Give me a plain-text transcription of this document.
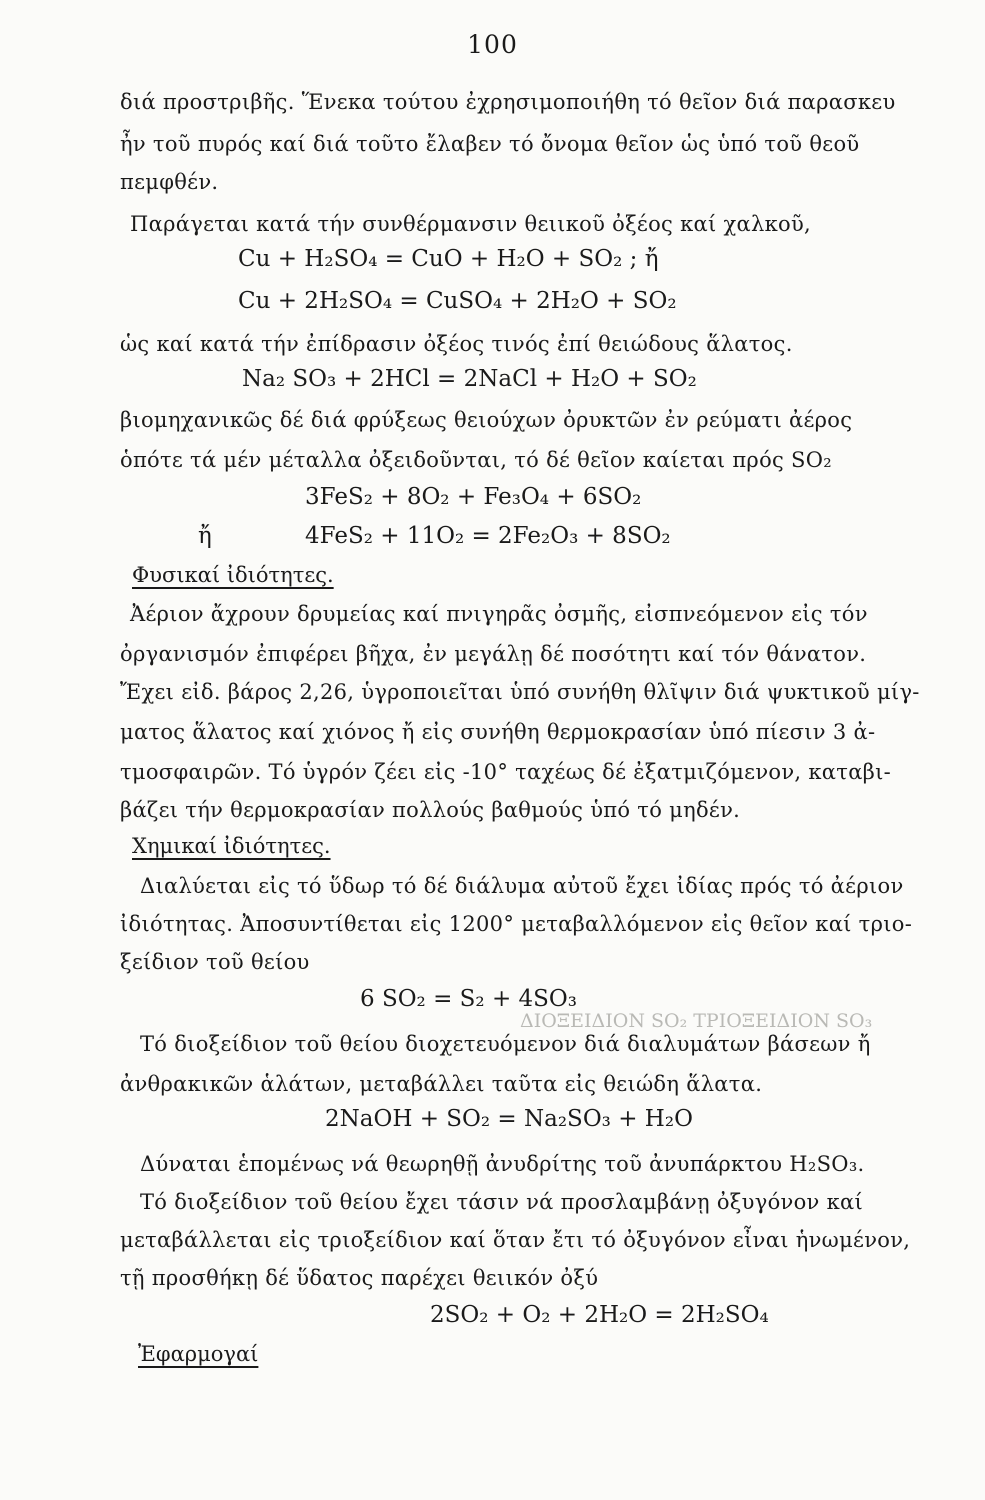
100
ΔΙΟΞΕΙΔΙΟΝ SO₂ ΤΡΙΟΞΕΙΔΙΟΝ SO₃
διά προστριβῆς. Ἕνεκα τούτου ἐχρησιμοποιήθη τό θεῖον διά παρασκευ
ἦν τοῦ πυρός καί διά τοῦτο ἔλαβεν τό ὄνομα θεῖον ὡς ὑπό τοῦ θεοῦ
πεμφθέν.
Παράγεται κατά τήν συνθέρμανσιν θειικοῦ ὀξέος καί χαλκοῦ,
Cu + H₂SO₄ = CuO + H₂O + SO₂ ; ἤ
Cu + 2H₂SO₄ = CuSO₄ + 2H₂O + SO₂
ὡς καί κατά τήν ἐπίδρασιν ὀξέος τινός ἐπί θειώδους ἅλατος.
Na₂ SO₃ + 2HCl = 2NaCl + H₂O + SO₂
βιομηχανικῶς δέ διά φρύξεως θειούχων ὀρυκτῶν ἐν ρεύματι ἀέρος
ὁπότε τά μέν μέταλλα ὀξειδοῦνται, τό δέ θεῖον καίεται πρός SO₂
3FeS₂ + 8O₂ + Fe₃O₄ + 6SO₂
ἤ	4FeS₂ + 11O₂ = 2Fe₂O₃ + 8SO₂
Φυσικαί ἰδιότητες.
Ἀέριον ἄχρουν δρυμείας καί πνιγηρᾶς ὀσμῆς, εἰσπνεόμενον εἰς τόν
ὀργανισμόν ἐπιφέρει βῆχα, ἐν μεγάλῃ δέ ποσότητι καί τόν θάνατον.
Ἔχει εἰδ. βάρος 2,26, ὑγροποιεῖται ὑπό συνήθη θλῖψιν διά ψυκτικοῦ μίγ-
ματος ἅλατος καί χιόνος ἤ εἰς συνήθη θερμοκρασίαν ὑπό πίεσιν 3 ἀ-
τμοσφαιρῶν. Τό ὑγρόν ζέει εἰς -10° ταχέως δέ ἐξατμιζόμενον, καταβι-
βάζει τήν θερμοκρασίαν πολλούς βαθμούς ὑπό τό μηδέν.
Χημικαί ἰδιότητες.
Διαλύεται εἰς τό ὕδωρ τό δέ διάλυμα αὐτοῦ ἔχει ἰδίας πρός τό ἀέριον
ἰδιότητας. Ἀποσυντίθεται εἰς 1200° μεταβαλλόμενον εἰς θεῖον καί τριο-
ξείδιον τοῦ θείου
6 SO₂ = S₂ + 4SO₃
Τό διοξείδιον τοῦ θείου διοχετευόμενον διά διαλυμάτων βάσεων ἤ
ἀνθρακικῶν ἁλάτων, μεταβάλλει ταῦτα εἰς θειώδη ἅλατα.
2NaOH + SO₂ = Na₂SO₃ + H₂O
Δύναται ἑπομένως νά θεωρηθῇ ἀνυδρίτης τοῦ ἀνυπάρκτου H₂SO₃.
Τό διοξείδιον τοῦ θείου ἔχει τάσιν νά προσλαμβάνῃ ὀξυγόνον καί
μεταβάλλεται εἰς τριοξείδιον καί ὅταν ἔτι τό ὀξυγόνον εἶναι ἡνωμένον,
τῇ προσθήκῃ δέ ὕδατος παρέχει θειικόν ὀξύ
2SO₂ + O₂ + 2H₂O = 2H₂SO₄
Ἐφαρμογαί
